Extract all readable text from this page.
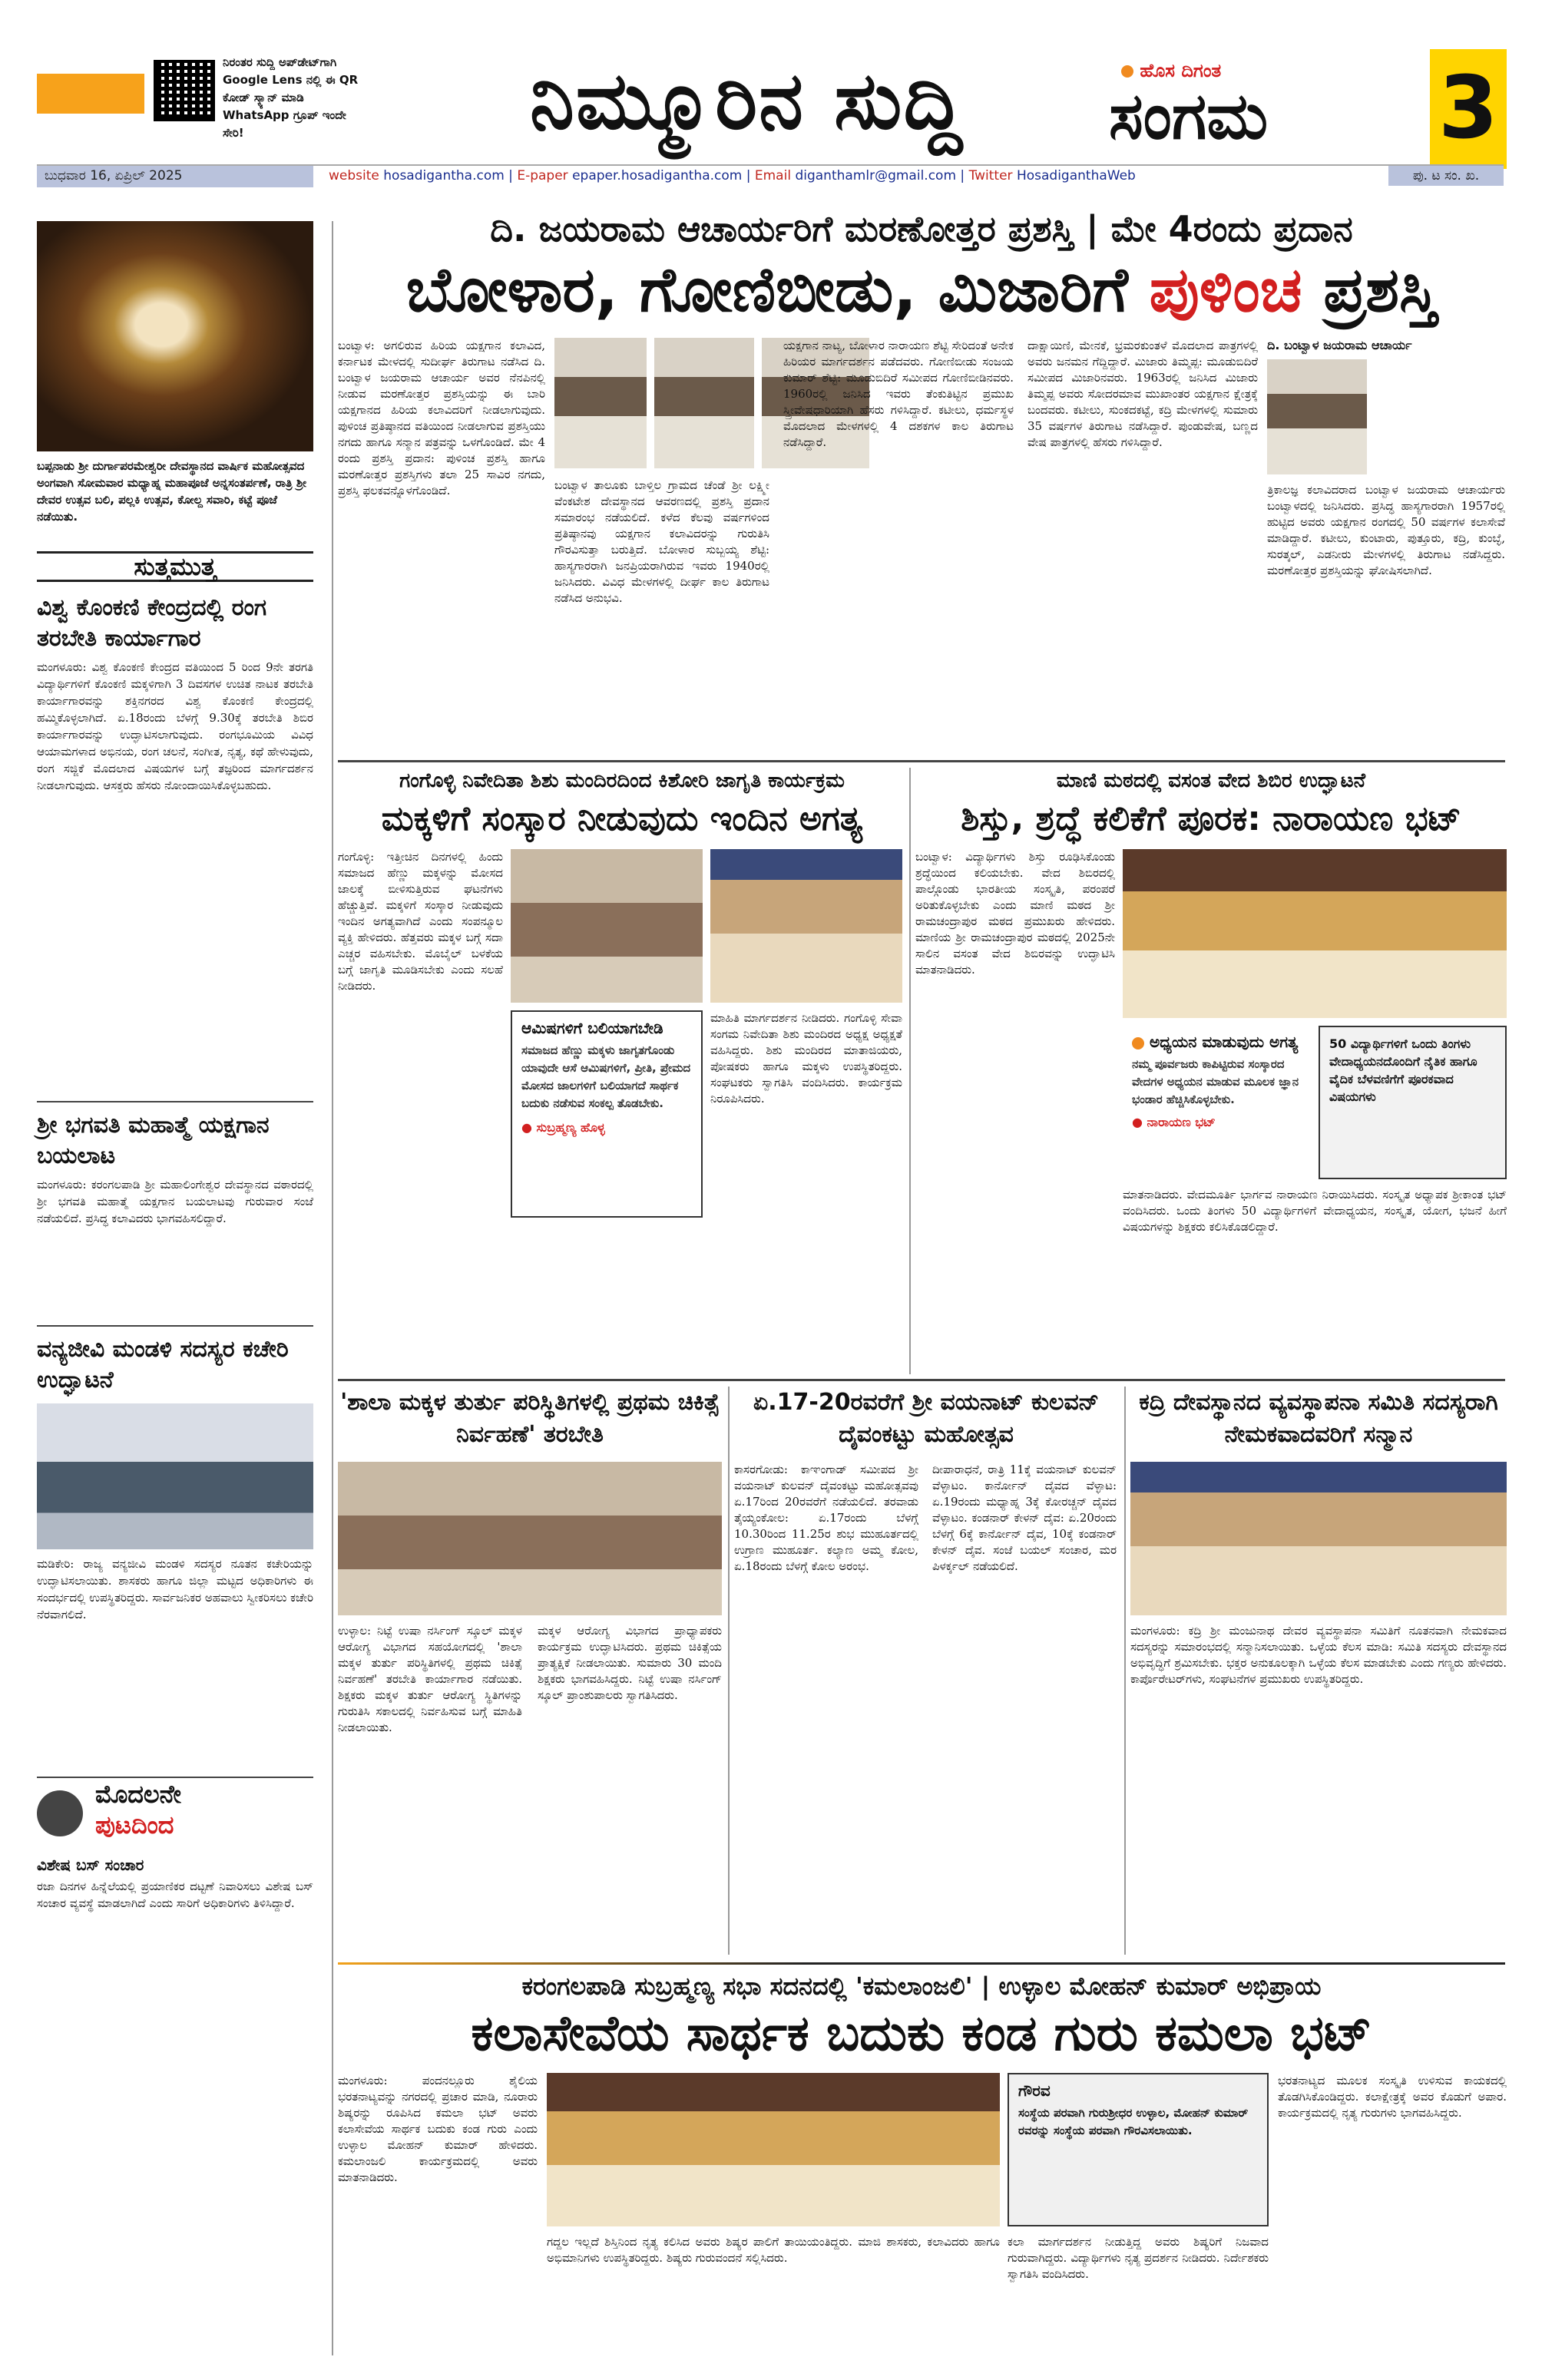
ನಿರಂತರ ಸುದ್ದಿ ಅಪ್‌ಡೇಟ್‌ಗಾಗಿ Google Lens ನಲ್ಲಿ ಈ QR ಕೋಡ್ ಸ್ಕ್ಯಾನ್ ಮಾಡಿ WhatsApp ಗ್ರೂಪ್ ಇಂದೇ ಸೇರಿ!	ನಿಮ್ಮೂರಿನ ಸುದ್ದಿ	ಹೊಸ ದಿಗಂತ
ಸಂಗಮ 3
ಬುಧವಾರ 16, ಏಪ್ರಿಲ್ 2025	website hosadigantha.com | E-paper epaper.hosadigantha.com | Email diganthamlr@gmail.com | Twitter HosadiganthaWeb	ಪು. ಟ ಸಂ. ಖ.
ಬಪ್ಪನಾಡು ಶ್ರೀ ದುರ್ಗಾಪರಮೇಶ್ವರೀ ದೇವಸ್ಥಾನದ ವಾರ್ಷಿಕ ಮಹೋತ್ಸವದ ಅಂಗವಾಗಿ ಸೋಮವಾರ ಮಧ್ಯಾಹ್ನ ಮಹಾಪೂಜೆ ಅನ್ನಸಂತರ್ಪಣೆ, ರಾತ್ರಿ ಶ್ರೀ ದೇವರ ಉತ್ಸವ ಬಲಿ, ಪಲ್ಲಕಿ ಉತ್ಸವ, ಕೋಲ್ದ ಸವಾರಿ, ಕಟ್ಟೆ ಪೂಜೆ ನಡೆಯಿತು.
ಸುತ್ತಮುತ್ತ
ವಿಶ್ವ ಕೊಂಕಣಿ ಕೇಂದ್ರದಲ್ಲಿ ರಂಗ ತರಬೇತಿ ಕಾರ್ಯಾಗಾರ
ಮಂಗಳೂರು: ವಿಶ್ವ ಕೊಂಕಣಿ ಕೇಂದ್ರದ ವತಿಯಿಂದ 5 ರಿಂದ 9ನೇ ತರಗತಿ ವಿದ್ಯಾರ್ಥಿಗಳಿಗೆ ಕೊಂಕಣಿ ಮಕ್ಕಳಿಗಾಗಿ 3 ದಿವಸಗಳ ಉಚಿತ ನಾಟಕ ತರಬೇತಿ ಕಾರ್ಯಾಗಾರವನ್ನು ಶಕ್ತಿನಗರದ ವಿಶ್ವ ಕೊಂಕಣಿ ಕೇಂದ್ರದಲ್ಲಿ ಹಮ್ಮಿಕೊಳ್ಳಲಾಗಿದೆ. ಏ.18ರಂದು ಬೆಳಗ್ಗೆ 9.30ಕ್ಕೆ ತರಬೇತಿ ಶಿಬಿರ ಕಾರ್ಯಾಗಾರವನ್ನು ಉದ್ಘಾಟಿಸಲಾಗುವುದು. ರಂಗಭೂಮಿಯ ವಿವಿಧ ಆಯಾಮಗಳಾದ ಅಭಿನಯ, ರಂಗ ಚಲನೆ, ಸಂಗೀತ, ನೃತ್ಯ, ಕಥೆ ಹೇಳುವುದು, ರಂಗ ಸಜ್ಜಿಕೆ ಮೊದಲಾದ ವಿಷಯಗಳ ಬಗ್ಗೆ ತಜ್ಞರಿಂದ ಮಾರ್ಗದರ್ಶನ ನೀಡಲಾಗುವುದು. ಆಸಕ್ತರು ಹೆಸರು ನೋಂದಾಯಿಸಿಕೊಳ್ಳಬಹುದು.
ಶ್ರೀ ಭಗವತಿ ಮಹಾತ್ಮೆ ಯಕ್ಷಗಾನ ಬಯಲಾಟ
ಮಂಗಳೂರು: ಕರಂಗಲಪಾಡಿ ಶ್ರೀ ಮಹಾಲಿಂಗೇಶ್ವರ ದೇವಸ್ಥಾನದ ವಠಾರದಲ್ಲಿ ಶ್ರೀ ಭಗವತಿ ಮಹಾತ್ಮೆ ಯಕ್ಷಗಾನ ಬಯಲಾಟವು ಗುರುವಾರ ಸಂಜೆ ನಡೆಯಲಿದೆ. ಪ್ರಸಿದ್ಧ ಕಲಾವಿದರು ಭಾಗವಹಿಸಲಿದ್ದಾರೆ.
ವನ್ಯಜೀವಿ ಮಂಡಳಿ ಸದಸ್ಯರ ಕಚೇರಿ ಉದ್ಘಾಟನೆ
ಮಡಿಕೇರಿ: ರಾಜ್ಯ ವನ್ಯಜೀವಿ ಮಂಡಳಿ ಸದಸ್ಯರ ನೂತನ ಕಚೇರಿಯನ್ನು ಉದ್ಘಾಟಿಸಲಾಯಿತು. ಶಾಸಕರು ಹಾಗೂ ಜಿಲ್ಲಾ ಮಟ್ಟದ ಅಧಿಕಾರಿಗಳು ಈ ಸಂದರ್ಭದಲ್ಲಿ ಉಪಸ್ಥಿತರಿದ್ದರು. ಸಾರ್ವಜನಿಕರ ಅಹವಾಲು ಸ್ವೀಕರಿಸಲು ಕಚೇರಿ ನೆರವಾಗಲಿದೆ.
ಮೊದಲನೇ
ಪುಟದಿಂದ
ವಿಶೇಷ ಬಸ್ ಸಂಚಾರ
ರಜಾ ದಿನಗಳ ಹಿನ್ನೆಲೆಯಲ್ಲಿ ಪ್ರಯಾಣಿಕರ ದಟ್ಟಣೆ ನಿವಾರಿಸಲು ವಿಶೇಷ ಬಸ್ ಸಂಚಾರ ವ್ಯವಸ್ಥೆ ಮಾಡಲಾಗಿದೆ ಎಂದು ಸಾರಿಗೆ ಅಧಿಕಾರಿಗಳು ತಿಳಿಸಿದ್ದಾರೆ.
ದಿ. ಜಯರಾಮ ಆಚಾರ್ಯರಿಗೆ ಮರಣೋತ್ತರ ಪ್ರಶಸ್ತಿ | ಮೇ 4ರಂದು ಪ್ರದಾನ
ಬೋಳಾರ, ಗೋಣಿಬೀಡು, ಮಿಜಾರಿಗೆ ಪುಳಿಂಚ ಪ್ರಶಸ್ತಿ
ಬಂಟ್ವಾಳ: ಅಗಲಿರುವ ಹಿರಿಯ ಯಕ್ಷಗಾನ ಕಲಾವಿದ, ಕರ್ನಾಟಕ ಮೇಳದಲ್ಲಿ ಸುದೀರ್ಘ ತಿರುಗಾಟ ನಡೆಸಿದ ದಿ. ಬಂಟ್ವಾಳ ಜಯರಾಮ ಆಚಾರ್ಯ ಅವರ ನೆನಪಿನಲ್ಲಿ ನೀಡುವ ಮರಣೋತ್ತರ ಪ್ರಶಸ್ತಿಯನ್ನು ಈ ಬಾರಿ ಯಕ್ಷಗಾನದ ಹಿರಿಯ ಕಲಾವಿದರಿಗೆ ನೀಡಲಾಗುವುದು. ಪುಳಿಂಚ ಪ್ರತಿಷ್ಠಾನದ ವತಿಯಿಂದ ನೀಡಲಾಗುವ ಪ್ರಶಸ್ತಿಯು ನಗದು ಹಾಗೂ ಸನ್ಮಾನ ಪತ್ರವನ್ನು ಒಳಗೊಂಡಿದೆ. ಮೇ 4 ರಂದು ಪ್ರಶಸ್ತಿ ಪ್ರದಾನ: ಪುಳಿಂಚ ಪ್ರಶಸ್ತಿ ಹಾಗೂ ಮರಣೋತ್ತರ ಪ್ರಶಸ್ತಿಗಳು ತಲಾ 25 ಸಾವಿರ ನಗದು, ಪ್ರಶಸ್ತಿ ಫಲಕವನ್ನೊಳಗೊಂಡಿದೆ.	ಬಂಟ್ವಾಳ ತಾಲೂಕು ಬಾಳ್ತಿಲ ಗ್ರಾಮದ ಚೆಂಡೆ ಶ್ರೀ ಲಕ್ಷ್ಮೀ ವೆಂಕಟೇಶ ದೇವಸ್ಥಾನದ ಆವರಣದಲ್ಲಿ ಪ್ರಶಸ್ತಿ ಪ್ರದಾನ ಸಮಾರಂಭ ನಡೆಯಲಿದೆ. ಕಳೆದ ಕೆಲವು ವರ್ಷಗಳಿಂದ ಪ್ರತಿಷ್ಠಾನವು ಯಕ್ಷಗಾನ ಕಲಾವಿದರನ್ನು ಗುರುತಿಸಿ ಗೌರವಿಸುತ್ತಾ ಬರುತ್ತಿದೆ. ಬೋಳಾರ ಸುಬ್ಬಯ್ಯ ಶೆಟ್ಟಿ: ಹಾಸ್ಯಗಾರರಾಗಿ ಜನಪ್ರಿಯರಾಗಿರುವ ಇವರು 1940ರಲ್ಲಿ ಜನಿಸಿದರು. ವಿವಿಧ ಮೇಳಗಳಲ್ಲಿ ದೀರ್ಘ ಕಾಲ ತಿರುಗಾಟ ನಡೆಸಿದ ಅನುಭವಿ.
ಯಕ್ಷಗಾನ ನಾಟ್ಯ, ಬೋಳಾರ ನಾರಾಯಣ ಶೆಟ್ಟಿ ಸೇರಿದಂತೆ ಅನೇಕ ಹಿರಿಯರ ಮಾರ್ಗದರ್ಶನ ಪಡೆದವರು. ಗೋಣಿಬೀಡು ಸಂಜಯ ಕುಮಾರ್ ಶೆಟ್ಟಿ: ಮೂಡುಬಿದಿರೆ ಸಮೀಪದ ಗೋಣಿಬೀಡಿನವರು. 1960ರಲ್ಲಿ ಜನಿಸಿದ ಇವರು ತೆಂಕುತಿಟ್ಟಿನ ಪ್ರಮುಖ ಸ್ತ್ರೀವೇಷಧಾರಿಯಾಗಿ ಹೆಸರು ಗಳಿಸಿದ್ದಾರೆ. ಕಟೀಲು, ಧರ್ಮಸ್ಥಳ ಮೊದಲಾದ ಮೇಳಗಳಲ್ಲಿ 4 ದಶಕಗಳ ಕಾಲ ತಿರುಗಾಟ ನಡೆಸಿದ್ದಾರೆ.
ದಾಕ್ಷಾಯಿಣಿ, ಮೇನಕೆ, ಭ್ರಮರಕುಂತಳೆ ಮೊದಲಾದ ಪಾತ್ರಗಳಲ್ಲಿ ಅವರು ಜನಮನ ಗೆದ್ದಿದ್ದಾರೆ. ಮಿಜಾರು ತಿಮ್ಮಪ್ಪ: ಮೂಡುಬಿದಿರೆ ಸಮೀಪದ ಮಿಜಾರಿನವರು. 1963ರಲ್ಲಿ ಜನಿಸಿದ ಮಿಜಾರು ತಿಮ್ಮಪ್ಪ ಅವರು ಸೋದರಮಾವ ಮುಖಾಂತರ ಯಕ್ಷಗಾನ ಕ್ಷೇತ್ರಕ್ಕೆ ಬಂದವರು. ಕಟೀಲು, ಸುಂಕದಕಟ್ಟೆ, ಕದ್ರಿ ಮೇಳಗಳಲ್ಲಿ ಸುಮಾರು 35 ವರ್ಷಗಳ ತಿರುಗಾಟ ನಡೆಸಿದ್ದಾರೆ. ಪುಂಡುವೇಷ, ಬಣ್ಣದ ವೇಷ ಪಾತ್ರಗಳಲ್ಲಿ ಹೆಸರು ಗಳಿಸಿದ್ದಾರೆ.
ದಿ. ಬಂಟ್ವಾಳ ಜಯರಾಮ ಆಚಾರ್ಯ
ತ್ರಿಕಾಲಜ್ಞ ಕಲಾವಿದರಾದ ಬಂಟ್ವಾಳ ಜಯರಾಮ ಆಚಾರ್ಯರು ಬಂಟ್ವಾಳದಲ್ಲಿ ಜನಿಸಿದರು. ಪ್ರಸಿದ್ಧ ಹಾಸ್ಯಗಾರರಾಗಿ 1957ರಲ್ಲಿ ಹುಟ್ಟಿದ ಅವರು ಯಕ್ಷಗಾನ ರಂಗದಲ್ಲಿ 50 ವರ್ಷಗಳ ಕಲಾಸೇವೆ ಮಾಡಿದ್ದಾರೆ. ಕಟೀಲು, ಕುಂಟಾರು, ಪುತ್ತೂರು, ಕದ್ರಿ, ಕುಂಬ್ಳೆ, ಸುರತ್ಕಲ್, ಎಡನೀರು ಮೇಳಗಳಲ್ಲಿ ತಿರುಗಾಟ ನಡೆಸಿದ್ದರು. ಮರಣೋತ್ತರ ಪ್ರಶಸ್ತಿಯನ್ನು ಘೋಷಿಸಲಾಗಿದೆ.
ಗಂಗೊಳ್ಳಿ ನಿವೇದಿತಾ ಶಿಶು ಮಂದಿರದಿಂದ ಕಿಶೋರಿ ಜಾಗೃತಿ ಕಾರ್ಯಕ್ರಮ
ಮಕ್ಕಳಿಗೆ ಸಂಸ್ಕಾರ ನೀಡುವುದು ಇಂದಿನ ಅಗತ್ಯ
ಗಂಗೊಳ್ಳಿ: ಇತ್ತೀಚಿನ ದಿನಗಳಲ್ಲಿ ಹಿಂದು ಸಮಾಜದ ಹೆಣ್ಣು ಮಕ್ಕಳನ್ನು ಮೋಸದ ಜಾಲಕ್ಕೆ ಬೀಳಿಸುತ್ತಿರುವ ಘಟನೆಗಳು ಹೆಚ್ಚುತ್ತಿವೆ. ಮಕ್ಕಳಿಗೆ ಸಂಸ್ಕಾರ ನೀಡುವುದು ಇಂದಿನ ಅಗತ್ಯವಾಗಿದೆ ಎಂದು ಸಂಪನ್ಮೂಲ ವ್ಯಕ್ತಿ ಹೇಳಿದರು. ಹೆತ್ತವರು ಮಕ್ಕಳ ಬಗ್ಗೆ ಸದಾ ಎಚ್ಚರ ವಹಿಸಬೇಕು. ಮೊಬೈಲ್ ಬಳಕೆಯ ಬಗ್ಗೆ ಜಾಗೃತಿ ಮೂಡಿಸಬೇಕು ಎಂದು ಸಲಹೆ ನೀಡಿದರು.
ಆಮಿಷಗಳಿಗೆ ಬಲಿಯಾಗಬೇಡಿ
ಸಮಾಜದ ಹೆಣ್ಣು ಮಕ್ಕಳು ಜಾಗೃತಗೊಂಡು ಯಾವುದೇ ಆಸೆ ಆಮಿಷಗಳಿಗೆ, ಪ್ರೀತಿ, ಪ್ರೇಮದ ಮೋಸದ ಜಾಲಗಳಿಗೆ ಬಲಿಯಾಗದೆ ಸಾರ್ಥಕ ಬದುಕು ನಡೆಸುವ ಸಂಕಲ್ಪ ತೊಡಬೇಕು.
● ಸುಬ್ರಹ್ಮಣ್ಯ ಹೊಳ್ಳ
ಮಾಹಿತಿ ಮಾರ್ಗದರ್ಶನ ನೀಡಿದರು. ಗಂಗೊಳ್ಳಿ ಸೇವಾ ಸಂಗಮ ನಿವೇದಿತಾ ಶಿಶು ಮಂದಿರದ ಅಧ್ಯಕ್ಷ ಅಧ್ಯಕ್ಷತೆ ವಹಿಸಿದ್ದರು. ಶಿಶು ಮಂದಿರದ ಮಾತಾಜಿಯರು, ಪೋಷಕರು ಹಾಗೂ ಮಕ್ಕಳು ಉಪಸ್ಥಿತರಿದ್ದರು. ಸಂಘಟಕರು ಸ್ವಾಗತಿಸಿ ವಂದಿಸಿದರು. ಕಾರ್ಯಕ್ರಮ ನಿರೂಪಿಸಿದರು.
ಮಾಣಿ ಮಠದಲ್ಲಿ ವಸಂತ ವೇದ ಶಿಬಿರ ಉದ್ಘಾಟನೆ
ಶಿಸ್ತು, ಶ್ರದ್ಧೆ ಕಲಿಕೆಗೆ ಪೂರಕ: ನಾರಾಯಣ ಭಟ್
ಬಂಟ್ವಾಳ: ವಿದ್ಯಾರ್ಥಿಗಳು ಶಿಸ್ತು ರೂಢಿಸಿಕೊಂಡು ಶ್ರದ್ಧೆಯಿಂದ ಕಲಿಯಬೇಕು. ವೇದ ಶಿಬಿರದಲ್ಲಿ ಪಾಲ್ಗೊಂಡು ಭಾರತೀಯ ಸಂಸ್ಕೃತಿ, ಪರಂಪರೆ ಅರಿತುಕೊಳ್ಳಬೇಕು ಎಂದು ಮಾಣಿ ಮಠದ ಶ್ರೀ ರಾಮಚಂದ್ರಾಪುರ ಮಠದ ಪ್ರಮುಖರು ಹೇಳಿದರು. ಮಾಣಿಯ ಶ್ರೀ ರಾಮಚಂದ್ರಾಪುರ ಮಠದಲ್ಲಿ 2025ನೇ ಸಾಲಿನ ವಸಂತ ವೇದ ಶಿಬಿರವನ್ನು ಉದ್ಘಾಟಿಸಿ ಮಾತನಾಡಿದರು.
ಅಧ್ಯಯನ ಮಾಡುವುದು ಅಗತ್ಯ
ನಮ್ಮ ಪೂರ್ವಜರು ಕಾಪಿಟ್ಟಿರುವ ಸಂಸ್ಕಾರದ ವೇದಗಳ ಅಧ್ಯಯನ ಮಾಡುವ ಮೂಲಕ ಜ್ಞಾನ ಭಂಡಾರ ಹೆಚ್ಚಿಸಿಕೊಳ್ಳಬೇಕು.
● ನಾರಾಯಣ ಭಟ್
50 ವಿದ್ಯಾರ್ಥಿಗಳಿಗೆ ಒಂದು ತಿಂಗಳು ವೇದಾಧ್ಯಯನದೊಂದಿಗೆ ನೈತಿಕ ಹಾಗೂ ವೈದಿಕ ಬೆಳವಣಿಗೆಗೆ ಪೂರಕವಾದ ವಿಷಯಗಳು
ಮಾತನಾಡಿದರು. ವೇದಮೂರ್ತಿ ಭಾರ್ಗವ ನಾರಾಯಣ ನಿರಾಯಿಸಿದರು. ಸಂಸ್ಕೃತ ಅಧ್ಯಾಪಕ ಶ್ರೀಕಾಂತ ಭಟ್ ವಂದಿಸಿದರು. ಒಂದು ತಿಂಗಳು 50 ವಿದ್ಯಾರ್ಥಿಗಳಿಗೆ ವೇದಾಧ್ಯಯನ, ಸಂಸ್ಕೃತ, ಯೋಗ, ಭಜನೆ ಹೀಗೆ ವಿಷಯಗಳನ್ನು ಶಿಕ್ಷಕರು ಕಲಿಸಿಕೊಡಲಿದ್ದಾರೆ.
'ಶಾಲಾ ಮಕ್ಕಳ ತುರ್ತು ಪರಿಸ್ಥಿತಿಗಳಲ್ಲಿ ಪ್ರಥಮ ಚಿಕಿತ್ಸೆ ನಿರ್ವಹಣೆ' ತರಬೇತಿ
ಉಳ್ಳಾಲ: ನಿಟ್ಟೆ ಉಷಾ ನರ್ಸಿಂಗ್ ಸ್ಕೂಲ್ ಮಕ್ಕಳ ಆರೋಗ್ಯ ವಿಭಾಗದ ಸಹಯೋಗದಲ್ಲಿ 'ಶಾಲಾ ಮಕ್ಕಳ ತುರ್ತು ಪರಿಸ್ಥಿತಿಗಳಲ್ಲಿ ಪ್ರಥಮ ಚಿಕಿತ್ಸೆ ನಿರ್ವಹಣೆ' ತರಬೇತಿ ಕಾರ್ಯಾಗಾರ ನಡೆಯಿತು. ಶಿಕ್ಷಕರು ಮಕ್ಕಳ ತುರ್ತು ಆರೋಗ್ಯ ಸ್ಥಿತಿಗಳನ್ನು ಗುರುತಿಸಿ ಸಕಾಲದಲ್ಲಿ ನಿರ್ವಹಿಸುವ ಬಗ್ಗೆ ಮಾಹಿತಿ ನೀಡಲಾಯಿತು.
ಮಕ್ಕಳ ಆರೋಗ್ಯ ವಿಭಾಗದ ಪ್ರಾಧ್ಯಾಪಕರು ಕಾರ್ಯಕ್ರಮ ಉದ್ಘಾಟಿಸಿದರು. ಪ್ರಥಮ ಚಿಕಿತ್ಸೆಯ ಪ್ರಾತ್ಯಕ್ಷಿಕೆ ನೀಡಲಾಯಿತು. ಸುಮಾರು 30 ಮಂದಿ ಶಿಕ್ಷಕರು ಭಾಗವಹಿಸಿದ್ದರು. ನಿಟ್ಟೆ ಉಷಾ ನರ್ಸಿಂಗ್ ಸ್ಕೂಲ್ ಪ್ರಾಂಶುಪಾಲರು ಸ್ವಾಗತಿಸಿದರು.
ಏ.17-20ರವರೆಗೆ ಶ್ರೀ ವಯನಾಟ್ ಕುಲವನ್ ದೈವಂಕಟ್ಟು ಮಹೋತ್ಸವ
ಕಾಸರಗೋಡು: ಕಾಞಂಗಾಡ್ ಸಮೀಪದ ಶ್ರೀ ವಯನಾಟ್ ಕುಲವನ್ ದೈವಂಕಟ್ಟು ಮಹೋತ್ಸವವು ಏ.17ರಿಂದ 20ರವರೆಗೆ ನಡೆಯಲಿದೆ. ತರವಾಡು ತೈಯ್ಯಂಕೋಲ: ಏ.17ರಂದು ಬೆಳಗ್ಗೆ 10.30ರಿಂದ 11.25ರ ಶುಭ ಮುಹೂರ್ತದಲ್ಲಿ ಉಗ್ರಾಣ ಮುಹೂರ್ತ. ಕಲ್ಯಾಣ ಅಮ್ಮ ಕೋಲ, ಏ.18ರಂದು ಬೆಳಗ್ಗೆ ಕೋಲ ಅರಂಭ.
ದೀಪಾರಾಧನೆ, ರಾತ್ರಿ 11ಕ್ಕೆ ವಯನಾಟ್ ಕುಲವನ್ ವೆಳ್ಳಾಟಂ. ಕಾರ್ನೋನ್ ದೈವದ ವೆಳ್ಳಾಟ: ಏ.19ರಂದು ಮಧ್ಯಾಹ್ನ 3ಕ್ಕೆ ಕೋರಚ್ಚನ್ ದೈವದ ವೆಳ್ಳಾಟಂ. ಕಂಡನಾರ್ ಕೇಳನ್ ದೈವ: ಏ.20ರಂದು ಬೆಳಗ್ಗೆ 6ಕ್ಕೆ ಕಾರ್ನೋನ್ ದೈವ, 10ಕ್ಕೆ ಕಂಡನಾರ್ ಕೇಳನ್ ದೈವ. ಸಂಜೆ ಬಯಲ್ ಸಂಚಾರ, ಮರ ಪಿಳರ್ಕ್ಕಲ್ ನಡೆಯಲಿದೆ.
ಕದ್ರಿ ದೇವಸ್ಥಾನದ ವ್ಯವಸ್ಥಾಪನಾ ಸಮಿತಿ ಸದಸ್ಯರಾಗಿ ನೇಮಕವಾದವರಿಗೆ ಸನ್ಮಾನ
ಮಂಗಳೂರು: ಕದ್ರಿ ಶ್ರೀ ಮಂಜುನಾಥ ದೇವರ ವ್ಯವಸ್ಥಾಪನಾ ಸಮಿತಿಗೆ ನೂತನವಾಗಿ ನೇಮಕವಾದ ಸದಸ್ಯರನ್ನು ಸಮಾರಂಭದಲ್ಲಿ ಸನ್ಮಾನಿಸಲಾಯಿತು. ಒಳ್ಳೆಯ ಕೆಲಸ ಮಾಡಿ: ಸಮಿತಿ ಸದಸ್ಯರು ದೇವಸ್ಥಾನದ ಅಭಿವೃದ್ಧಿಗೆ ಶ್ರಮಿಸಬೇಕು. ಭಕ್ತರ ಅನುಕೂಲಕ್ಕಾಗಿ ಒಳ್ಳೆಯ ಕೆಲಸ ಮಾಡಬೇಕು ಎಂದು ಗಣ್ಯರು ಹೇಳಿದರು. ಕಾರ್ಪೊರೇಟರ್‌ಗಳು, ಸಂಘಟನೆಗಳ ಪ್ರಮುಖರು ಉಪಸ್ಥಿತರಿದ್ದರು.
ಕರಂಗಲಪಾಡಿ ಸುಬ್ರಹ್ಮಣ್ಯ ಸಭಾ ಸದನದಲ್ಲಿ 'ಕಮಲಾಂಜಲಿ' | ಉಳ್ಳಾಲ ಮೋಹನ್ ಕುಮಾರ್ ಅಭಿಪ್ರಾಯ
ಕಲಾಸೇವೆಯ ಸಾರ್ಥಕ ಬದುಕು ಕಂಡ ಗುರು ಕಮಲಾ ಭಟ್
ಮಂಗಳೂರು: ಪಂದನಲ್ಲೂರು ಶೈಲಿಯ ಭರತನಾಟ್ಯವನ್ನು ನಗರದಲ್ಲಿ ಪ್ರಚಾರ ಮಾಡಿ, ನೂರಾರು ಶಿಷ್ಯರನ್ನು ರೂಪಿಸಿದ ಕಮಲಾ ಭಟ್ ಅವರು ಕಲಾಸೇವೆಯ ಸಾರ್ಥಕ ಬದುಕು ಕಂಡ ಗುರು ಎಂದು ಉಳ್ಳಾಲ ಮೋಹನ್ ಕುಮಾರ್ ಹೇಳಿದರು. ಕಮಲಾಂಜಲಿ ಕಾರ್ಯಕ್ರಮದಲ್ಲಿ ಅವರು ಮಾತನಾಡಿದರು.
ಗದ್ದಲ ಇಲ್ಲದೆ ಶಿಸ್ತಿನಿಂದ ನೃತ್ಯ ಕಲಿಸಿದ ಅವರು ಶಿಷ್ಯರ ಪಾಲಿಗೆ ತಾಯಿಯಂತಿದ್ದರು. ಮಾಜಿ ಶಾಸಕರು, ಕಲಾವಿದರು ಹಾಗೂ ಅಭಿಮಾನಿಗಳು ಉಪಸ್ಥಿತರಿದ್ದರು. ಶಿಷ್ಯರು ಗುರುವಂದನೆ ಸಲ್ಲಿಸಿದರು.
ಗೌರವ
ಸಂಸ್ಥೆಯ ಪರವಾಗಿ ಗುರುಶ್ರೀಧರ ಉಳ್ಳಾಲ, ಮೋಹನ್ ಕುಮಾರ್ ರವರನ್ನು ಸಂಸ್ಥೆಯ ಪರವಾಗಿ ಗೌರವಿಸಲಾಯಿತು.
ಕಲಾ ಮಾರ್ಗದರ್ಶನ ನೀಡುತ್ತಿದ್ದ ಅವರು ಶಿಷ್ಯರಿಗೆ ನಿಜವಾದ ಗುರುವಾಗಿದ್ದರು. ವಿದ್ಯಾರ್ಥಿಗಳು ನೃತ್ಯ ಪ್ರದರ್ಶನ ನೀಡಿದರು. ನಿರ್ದೇಶಕರು ಸ್ವಾಗತಿಸಿ ವಂದಿಸಿದರು.
ಭರತನಾಟ್ಯದ ಮೂಲಕ ಸಂಸ್ಕೃತಿ ಉಳಿಸುವ ಕಾಯಕದಲ್ಲಿ ತೊಡಗಿಸಿಕೊಂಡಿದ್ದರು. ಕಲಾಕ್ಷೇತ್ರಕ್ಕೆ ಅವರ ಕೊಡುಗೆ ಅಪಾರ. ಕಾರ್ಯಕ್ರಮದಲ್ಲಿ ನೃತ್ಯ ಗುರುಗಳು ಭಾಗವಹಿಸಿದ್ದರು.
